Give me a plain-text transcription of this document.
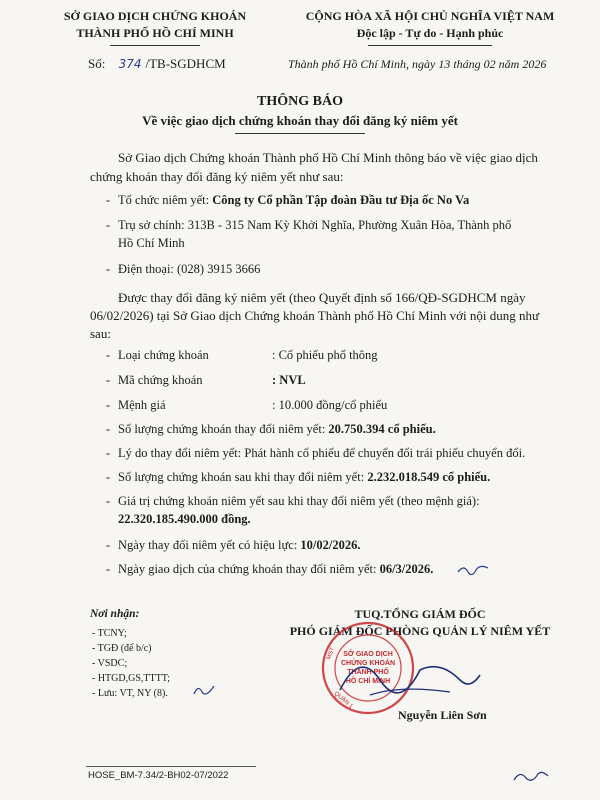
SỞ GIAO DỊCH CHỨNG KHOÁN
THÀNH PHỐ HỒ CHÍ MINH
CỘNG HÒA XÃ HỘI CHỦ NGHĨA VIỆT NAM
Độc lập - Tự do - Hạnh phúc
Số: 374 /TB-SGDHCM	Thành phố Hồ Chí Minh, ngày 13 tháng 02 năm 2026
THÔNG BÁO
Về việc giao dịch chứng khoán thay đổi đăng ký niêm yết
Sở Giao dịch Chứng khoán Thành phố Hồ Chí Minh thông báo về việc giao dịch
chứng khoán thay đổi đăng ký niêm yết như sau:
- Tổ chức niêm yết: Công ty Cổ phần Tập đoàn Đầu tư Địa ốc No Va
- Trụ sở chính: 313B - 315 Nam Kỳ Khởi Nghĩa, Phường Xuân Hòa, Thành phố
Hồ Chí Minh
- Điện thoại: (028) 3915 3666
Được thay đổi đăng ký niêm yết (theo Quyết định số 166/QĐ-SGDHCM ngày
06/02/2026) tại Sở Giao dịch Chứng khoán Thành phố Hồ Chí Minh với nội dung như
sau:
- Loại chứng khoán	: Cổ phiếu phổ thông
- Mã chứng khoán	: NVL
- Mệnh giá	: 10.000 đồng/cổ phiếu
- Số lượng chứng khoán thay đổi niêm yết: 20.750.394 cổ phiếu.
- Lý do thay đổi niêm yết: Phát hành cổ phiếu để chuyển đổi trái phiếu chuyển đổi.
- Số lượng chứng khoán sau khi thay đổi niêm yết: 2.232.018.549 cổ phiếu.
- Giá trị chứng khoán niêm yết sau khi thay đổi niêm yết (theo mệnh giá):
22.320.185.490.000 đồng.
- Ngày thay đổi niêm yết có hiệu lực: 10/02/2026.
- Ngày giao dịch của chứng khoán thay đổi niêm yết: 06/3/2026.
Nơi nhận:
- TCNY;
- TGĐ (để b/c)
- VSDC;
- HTGD,GS,TTTT;
- Lưu: VT, NY (8).
TUQ.TỔNG GIÁM ĐỐC
PHÓ GIÁM ĐỐC PHÒNG QUẢN LÝ NIÊM YẾT
SỞ GIAO DỊCH
CHỨNG KHOÁN
THÀNH PHỐ
HỒ CHÍ MINH
MST
QUẬN 1
Nguyễn Liên Sơn
HOSE_BM-7.34/2-BH02-07/2022
